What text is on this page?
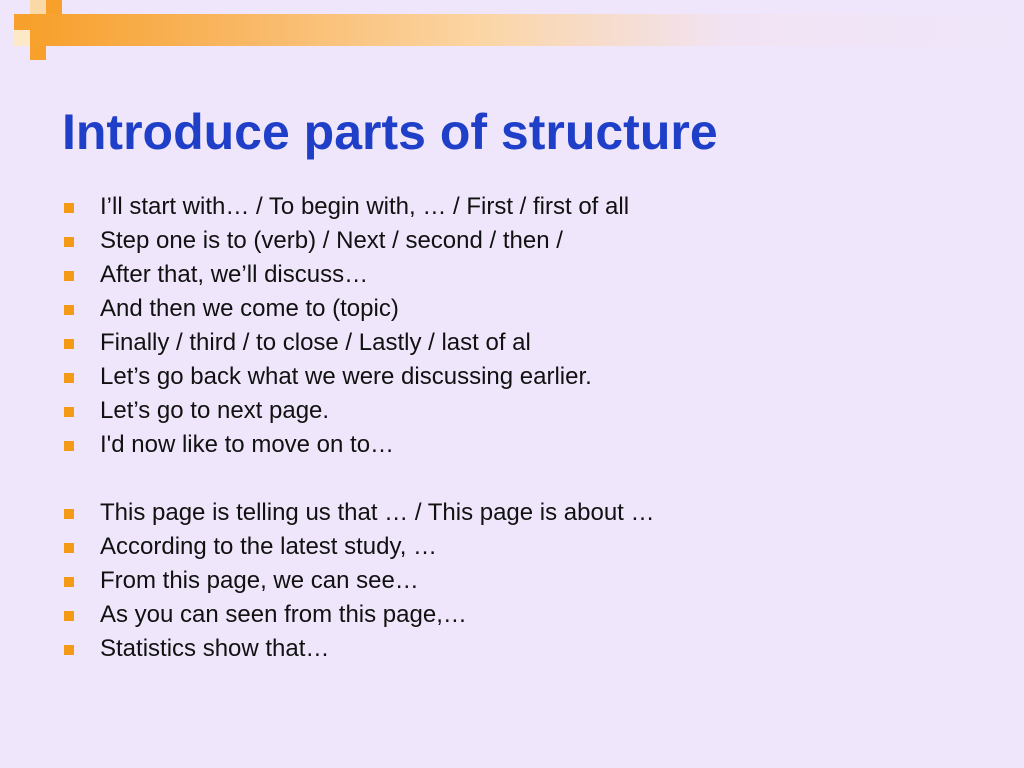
Introduce parts of structure
I’ll start with… / To begin with, … / First / first of all
Step one is to (verb) / Next / second / then /
After that, we’ll discuss…
And then we come to (topic)
Finally / third / to close / Lastly / last of al
Let’s go back what we were discussing earlier.
Let’s go to next page.
I'd now like to move on to…
This page is telling us that … / This page is about …
According to the latest study, …
From this page, we can see…
As you can seen from this page,…
Statistics show that…
